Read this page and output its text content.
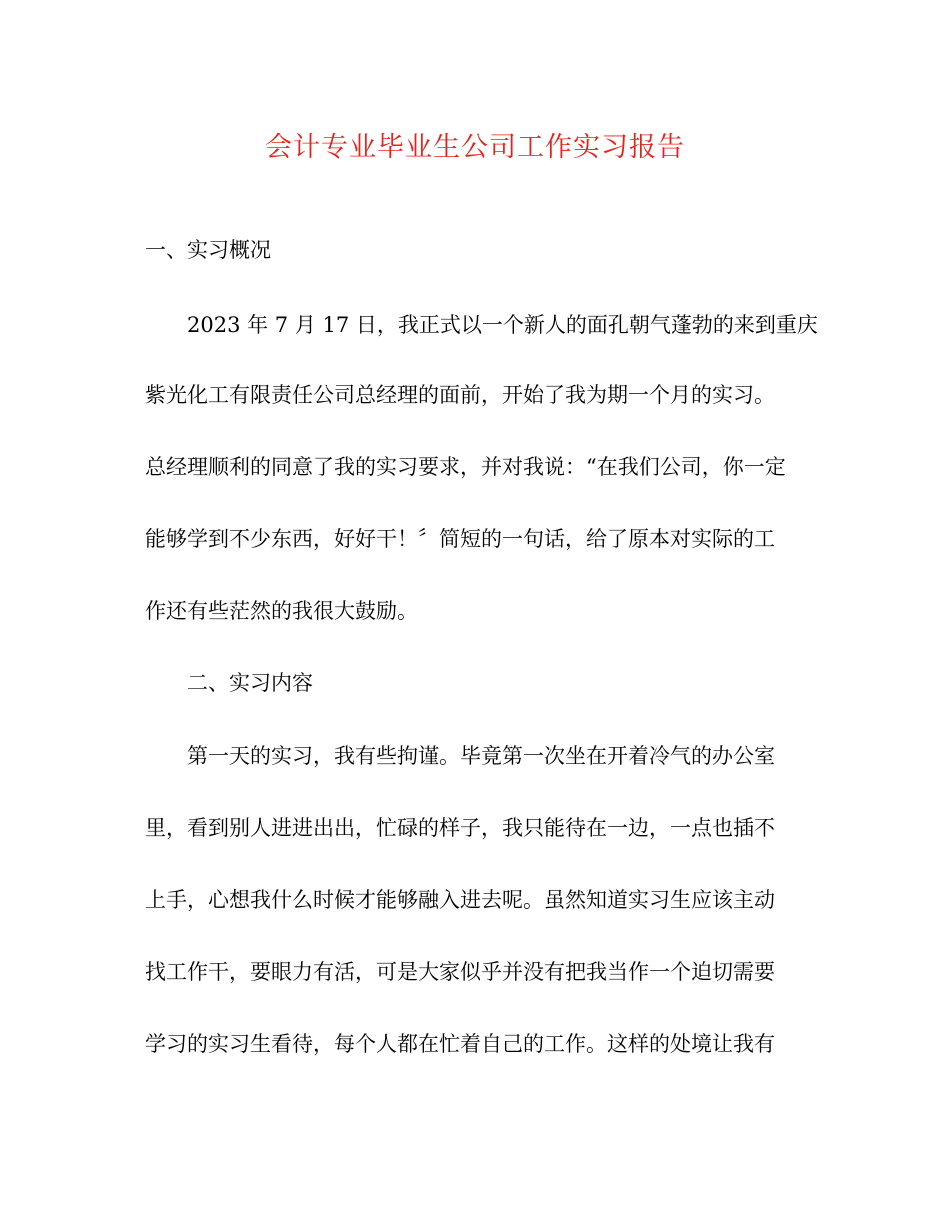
会计专业毕业生公司工作实习报告
一、实习概况
2023 年 7 月 17 日，我正式以一个新人的面孔朝气蓬勃的来到重庆
紫光化工有限责任公司总经理的面前，开始了我为期一个月的实习。
总经理顺利的同意了我的实习要求，并对我说：“在我们公司，你一定
能够学到不少东西，好好干！〞简短的一句话，给了原本对实际的工
作还有些茫然的我很大鼓励。
二、实习内容
第一天的实习，我有些拘谨。毕竟第一次坐在开着冷气的办公室
里，看到别人进进出出，忙碌的样子，我只能待在一边，一点也插不
上手，心想我什么时候才能够融入进去呢。虽然知道实习生应该主动
找工作干，要眼力有活，可是大家似乎并没有把我当作一个迫切需要
学习的实习生看待，每个人都在忙着自己的工作。这样的处境让我有
